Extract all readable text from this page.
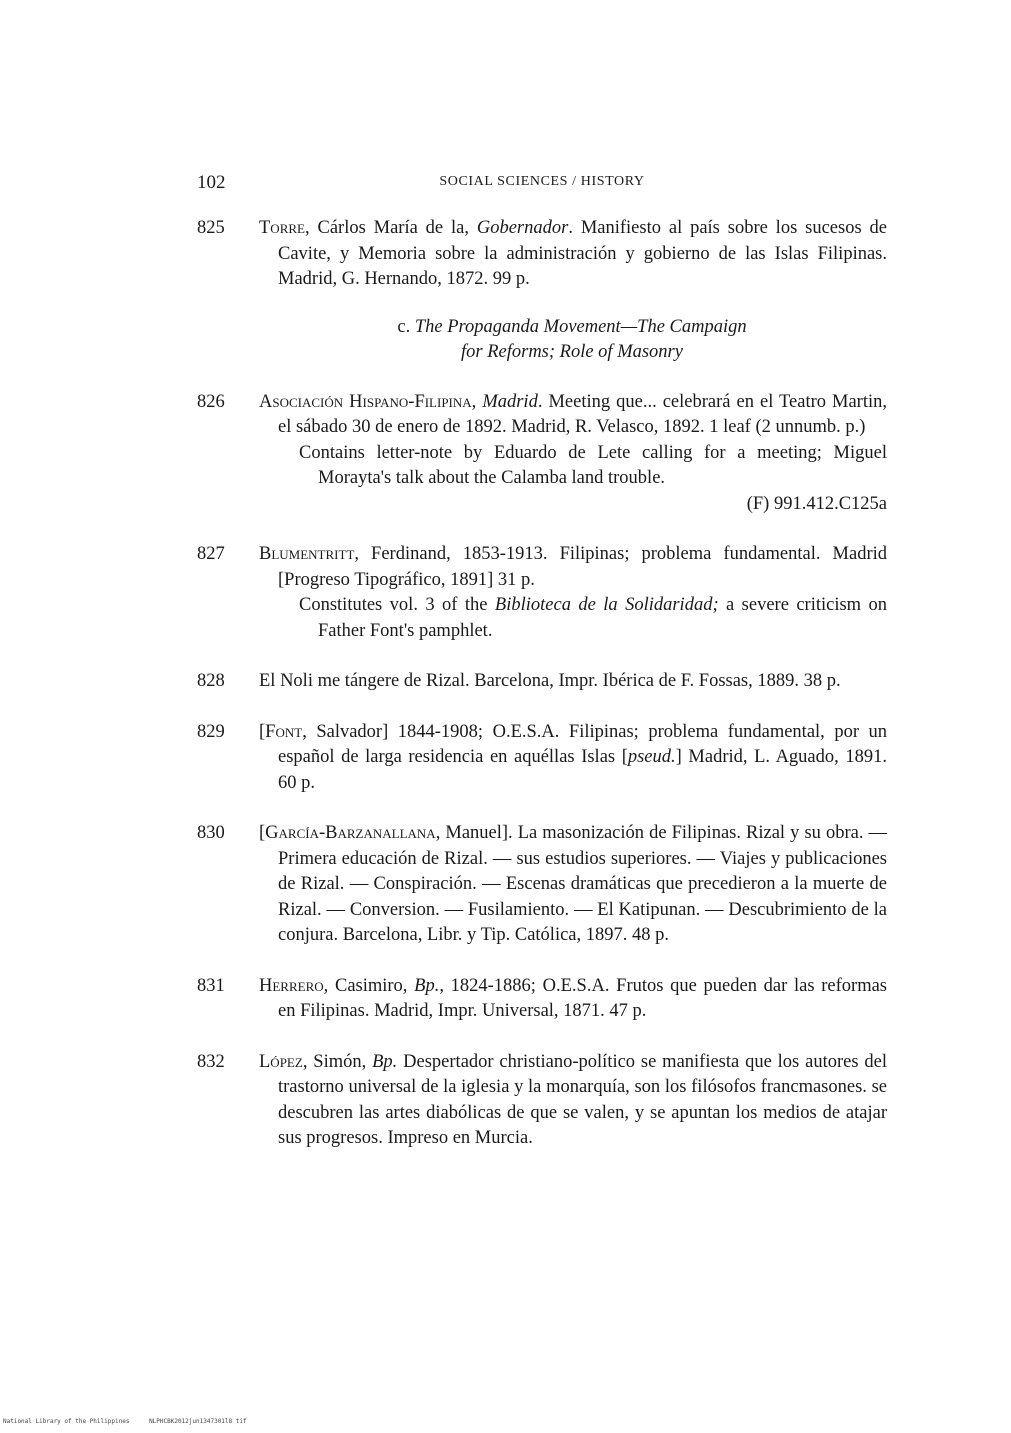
102	SOCIAL SCIENCES / HISTORY
825 Torre, Cárlos María de la, Gobernador. Manifiesto al país sobre los sucesos de Cavite, y Memoria sobre la administración y gobierno de las Islas Filipinas. Madrid, G. Hernando, 1872. 99 p.
c. The Propaganda Movement—The Campaign
for Reforms; Role of Masonry
826 Asociación Hispano-Filipina, Madrid. Meeting que... celebrará en el Teatro Martin, el sábado 30 de enero de 1892. Madrid, R. Velasco, 1892. 1 leaf (2 unnumb. p.)
Contains letter-note by Eduardo de Lete calling for a meeting; Miguel Morayta's talk about the Calamba land trouble.
(F) 991.412.C125a
827 Blumentritt, Ferdinand, 1853-1913. Filipinas; problema fundamental. Madrid [Progreso Tipográfico, 1891] 31 p.
Constitutes vol. 3 of the Biblioteca de la Solidaridad; a severe criticism on Father Font's pamphlet.
828 El Noli me tángere de Rizal. Barcelona, Impr. Ibérica de F. Fossas, 1889. 38 p.
829 [Font, Salvador] 1844-1908; O.E.S.A. Filipinas; problema fundamental, por un español de larga residencia en aquéllas Islas [pseud.] Madrid, L. Aguado, 1891. 60 p.
830 [García-Barzanallana, Manuel]. La masonización de Filipinas. Rizal y su obra. — Primera educación de Rizal. — sus estudios superiores. — Viajes y publicaciones de Rizal. — Conspiración. — Escenas dramáticas que precedieron a la muerte de Rizal. — Conversion. — Fusilamiento. — El Katipunan. — Descubrimiento de la conjura. Barcelona, Libr. y Tip. Católica, 1897. 48 p.
831 Herrero, Casimiro, Bp., 1824-1886; O.E.S.A. Frutos que pueden dar las reformas en Filipinas. Madrid, Impr. Universal, 1871. 47 p.
832 López, Simón, Bp. Despertador christiano-político se manifiesta que los autores del trastorno universal de la iglesia y la monarquía, son los filósofos francmasones. se descubren las artes diabólicas de que se valen, y se apuntan los medios de atajar sus progresos. Impreso en Murcia.
National Library of the Philippines	NLPHCBK2012jun1347301l8 tif
